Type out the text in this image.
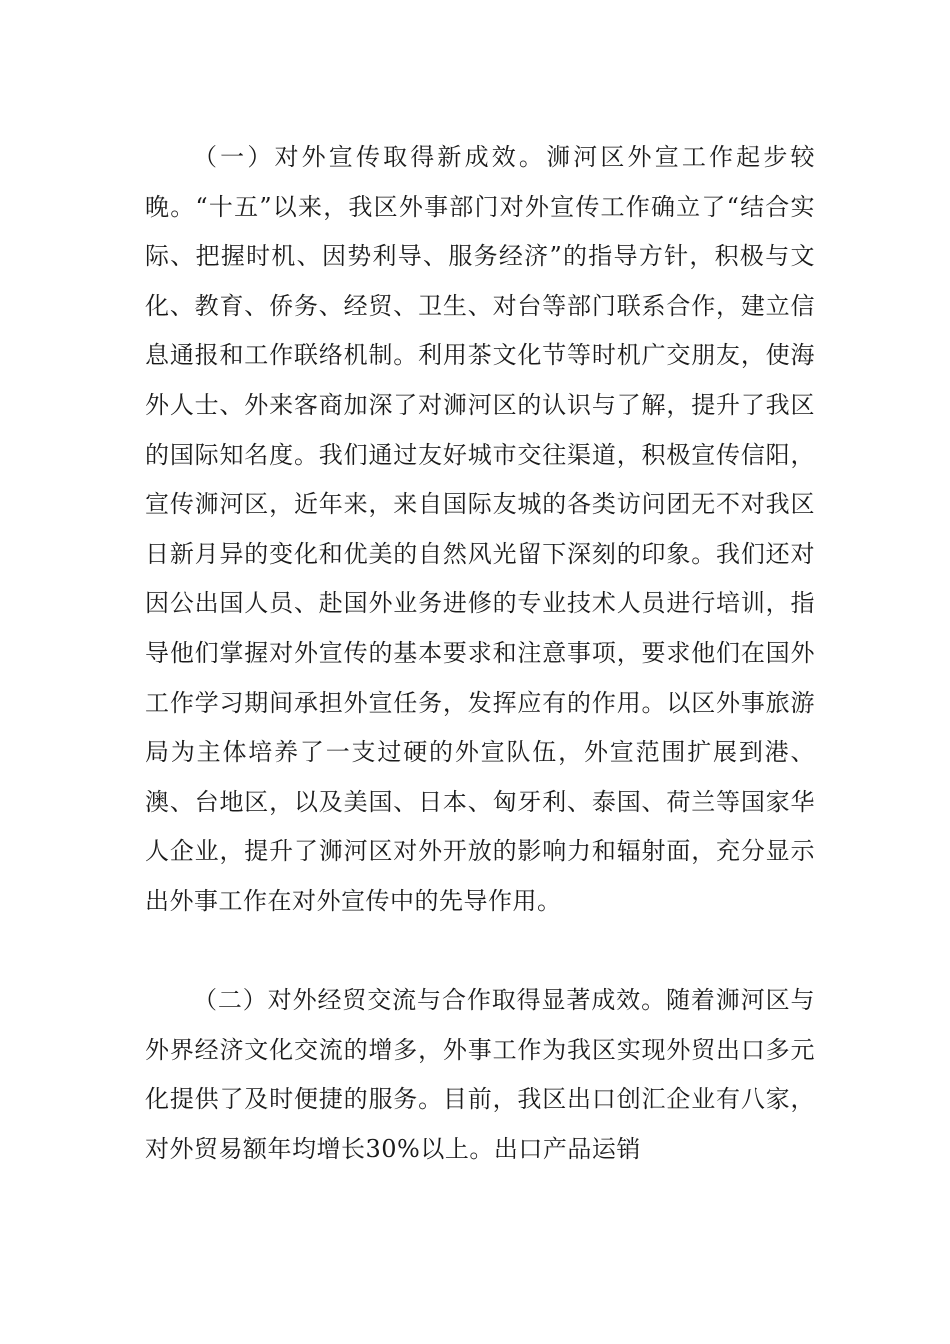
（一）对外宣传取得新成效。浉河区外宣工作起步较晚。“十五”以来，我区外事部门对外宣传工作确立了“结合实际、把握时机、因势利导、服务经济”的指导方针，积极与文化、教育、侨务、经贸、卫生、对台等部门联系合作，建立信息通报和工作联络机制。利用茶文化节等时机广交朋友，使海外人士、外来客商加深了对浉河区的认识与了解，提升了我区的国际知名度。我们通过友好城市交往渠道，积极宣传信阳，宣传浉河区，近年来，来自国际友城的各类访问团无不对我区日新月异的变化和优美的自然风光留下深刻的印象。我们还对因公出国人员、赴国外业务进修的专业技术人员进行培训，指导他们掌握对外宣传的基本要求和注意事项，要求他们在国外工作学习期间承担外宣任务，发挥应有的作用。以区外事旅游局为主体培养了一支过硬的外宣队伍，外宣范围扩展到港、澳、台地区，以及美国、日本、匈牙利、泰国、荷兰等国家华人企业，提升了浉河区对外开放的影响力和辐射面，充分显示出外事工作在对外宣传中的先导作用。

（二）对外经贸交流与合作取得显著成效。随着浉河区与外界经济文化交流的增多，外事工作为我区实现外贸出口多元化提供了及时便捷的服务。目前，我区出口创汇企业有八家，对外贸易额年均增长30%以上。出口产品运销
